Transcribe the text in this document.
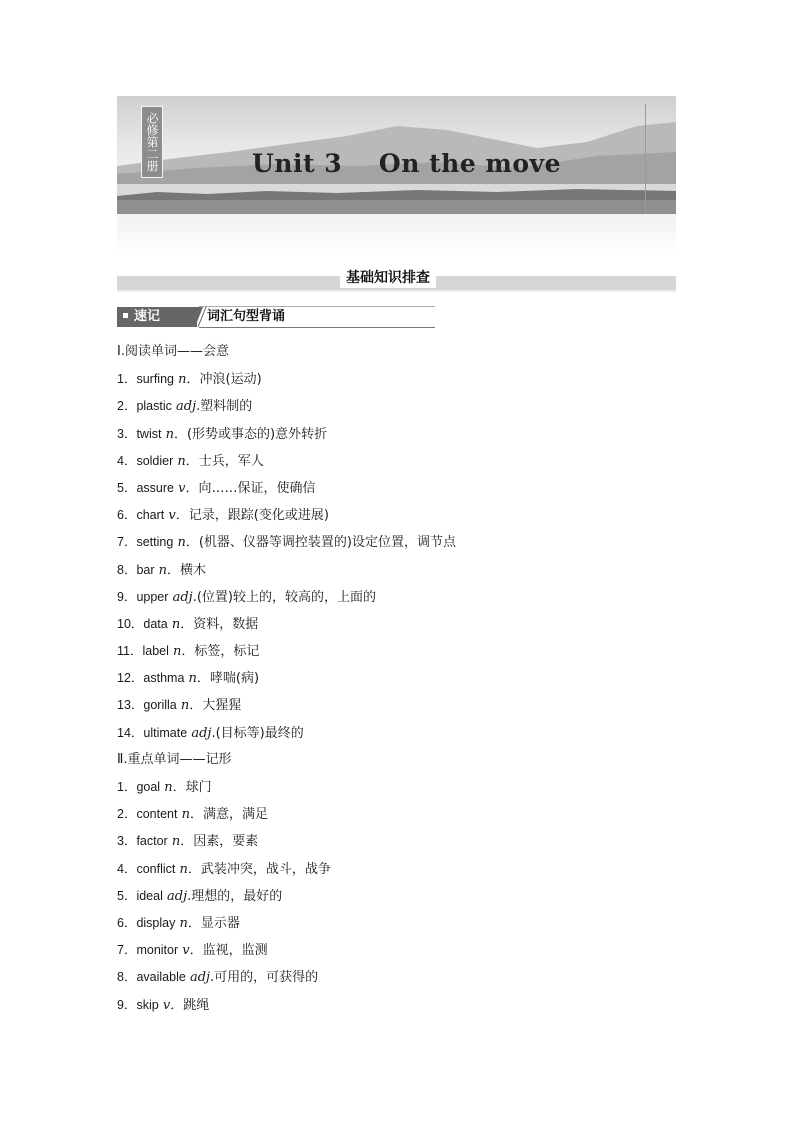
必修第二册	Unit 3    On the move
基础知识排查
速记	词汇句型背诵
Ⅰ.阅读单词——会意
1．surfing n．冲浪(运动)
2．plastic adj.塑料制的
3．twist n．(形势或事态的)意外转折
4．soldier n．士兵，军人
5．assure v．向……保证，使确信
6．chart v．记录，跟踪(变化或进展)
7．setting n．(机器、仪器等调控装置的)设定位置，调节点
8．bar n．横木
9．upper adj.(位置)较上的，较高的，上面的
10．data n．资料，数据
11．label n．标签，标记
12．asthma n．哮喘(病)
13．gorilla n．大猩猩
14．ultimate adj.(目标等)最终的
Ⅱ.重点单词——记形
1．goal n．球门
2．content n．满意，满足
3．factor n．因素，要素
4．conflict n．武装冲突，战斗，战争
5．ideal adj.理想的，最好的
6．display n．显示器
7．monitor v．监视，监测
8．available adj.可用的，可获得的
9．skip v．跳绳
